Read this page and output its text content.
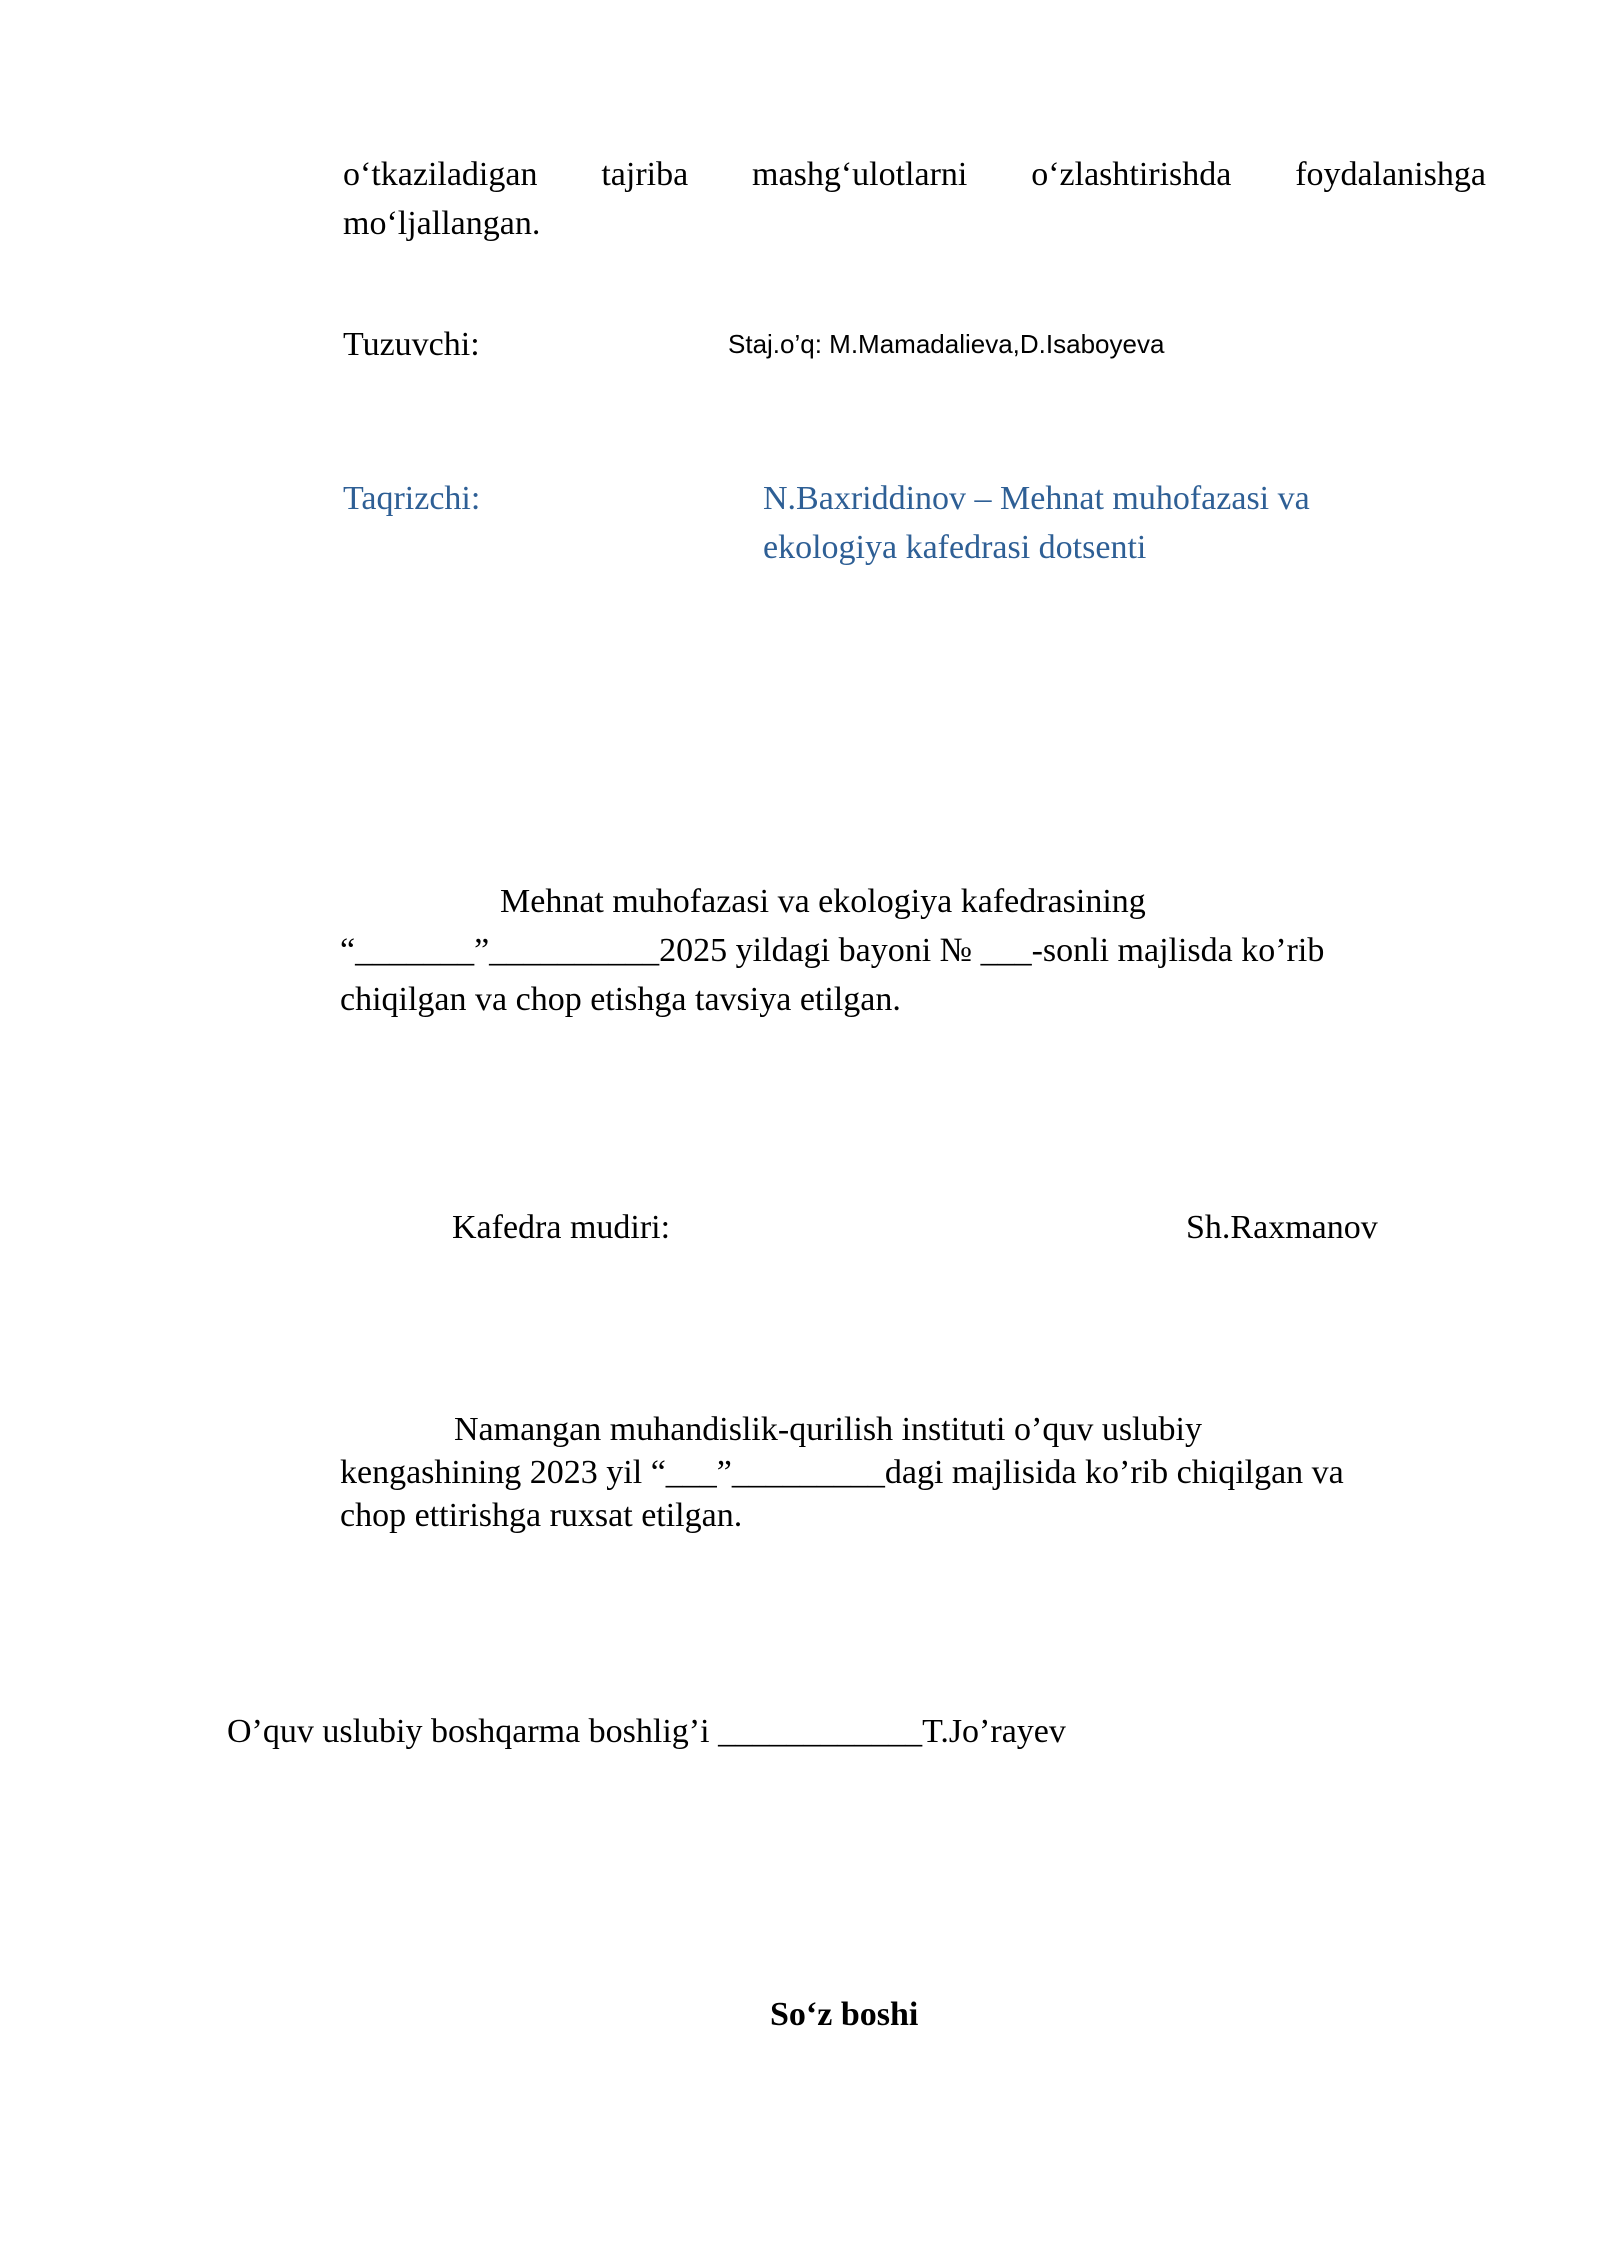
o‘tkaziladigan tajriba mashg‘ulotlarni o‘zlashtirishda foydalanishga
mo‘ljallangan.
Tuzuvchi:	Staj.o’q: M.Mamadalieva,D.Isaboyeva
Taqrizchi:	N.Baxriddinov – Mehnat muhofazasi va
ekologiya kafedrasi dotsenti
Mehnat muhofazasi va ekologiya kafedrasining
“_______”__________2025 yildagi bayoni № ___-sonli majlisda ko’rib
chiqilgan va chop etishga tavsiya etilgan.
Kafedra mudiri:	Sh.Raxmanov
Namangan muhandislik-qurilish instituti o’quv uslubiy
kengashining 2023 yil “___”_________dagi majlisida ko’rib chiqilgan va
chop ettirishga ruxsat etilgan.
O’quv uslubiy boshqarma boshlig’i ____________T.Jo’rayev
So‘z boshi
